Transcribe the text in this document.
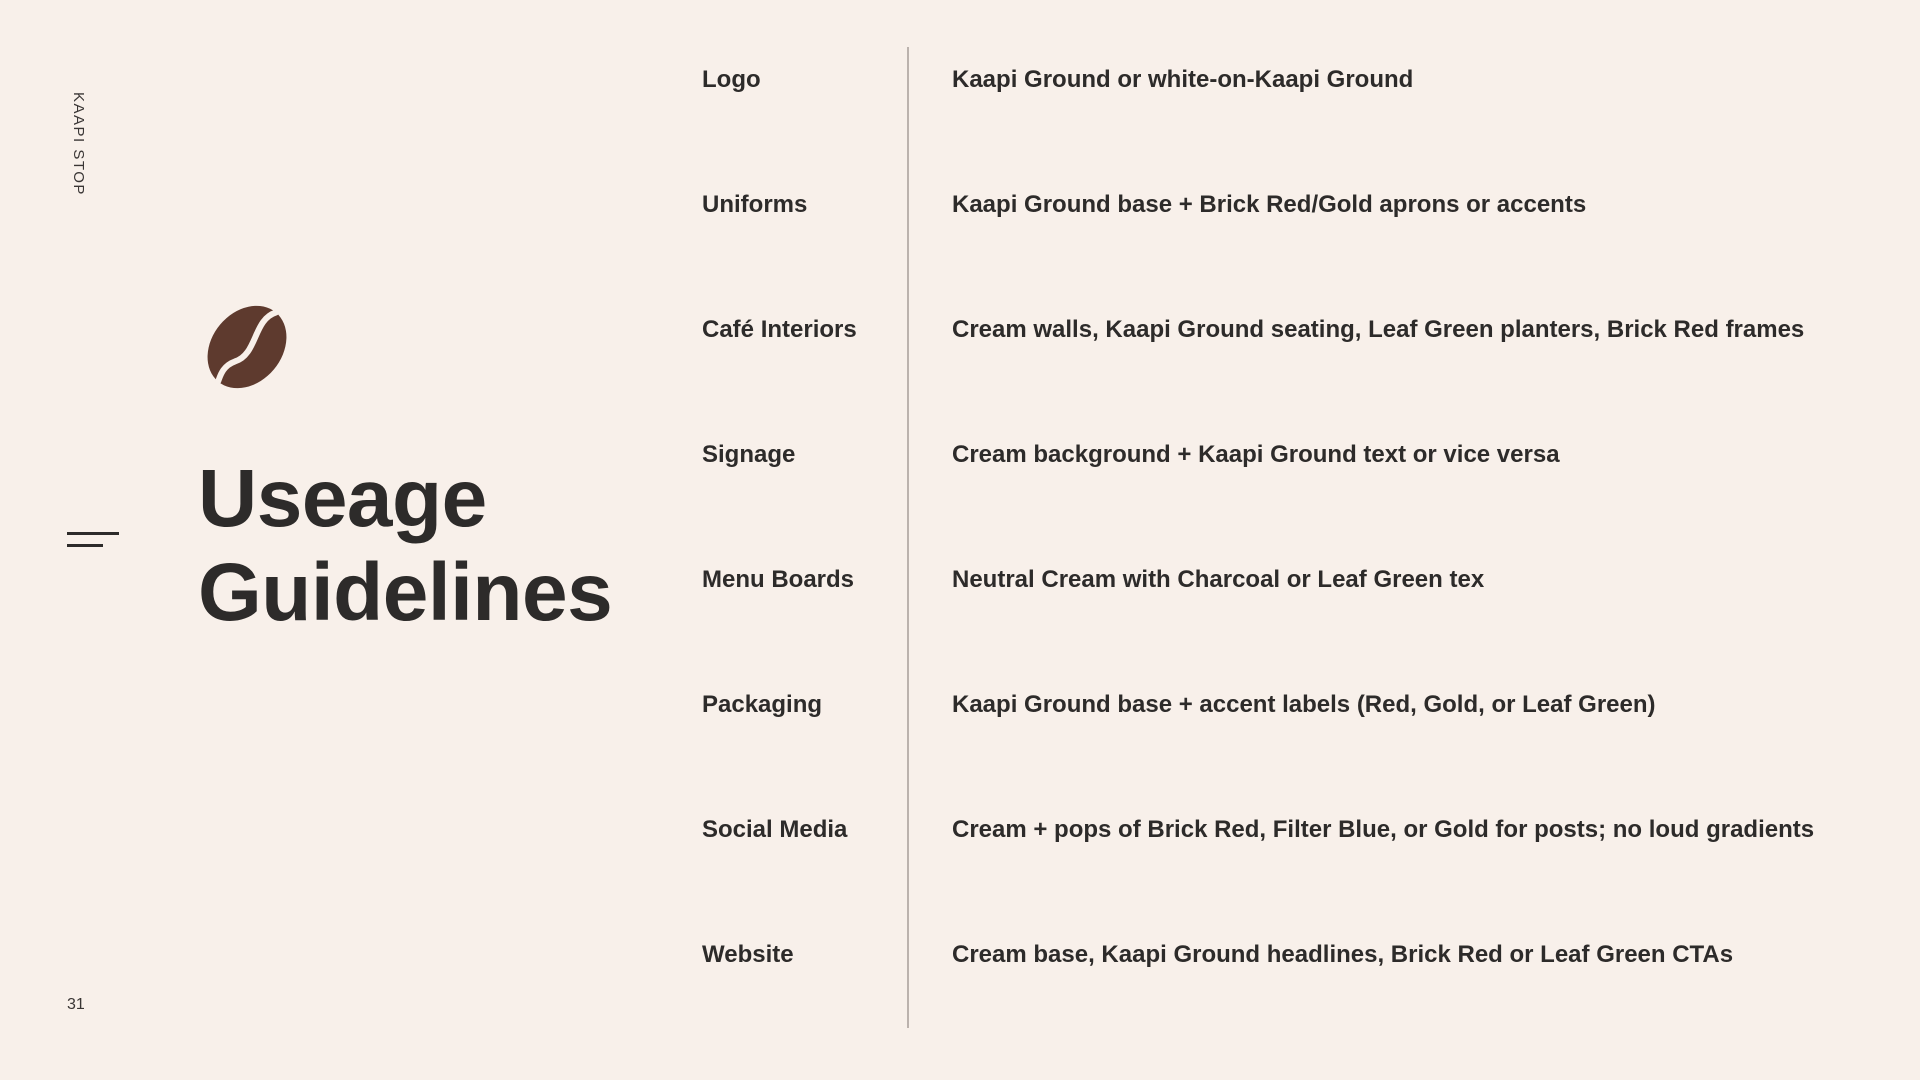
KAAPI STOP
Useage
Guidelines
31
Logo	Kaapi Ground or white-on-Kaapi Ground
Uniforms	Kaapi Ground base + Brick Red/Gold aprons or accents
Café Interiors	Cream walls, Kaapi Ground seating, Leaf Green planters, Brick Red frames
Signage	Cream background + Kaapi Ground text or vice versa
Menu Boards	Neutral Cream with Charcoal or Leaf Green tex
Packaging	Kaapi Ground base + accent labels (Red, Gold, or Leaf Green)
Social Media	Cream + pops of Brick Red, Filter Blue, or Gold for posts; no loud gradients
Website	Cream base, Kaapi Ground headlines, Brick Red or Leaf Green CTAs
